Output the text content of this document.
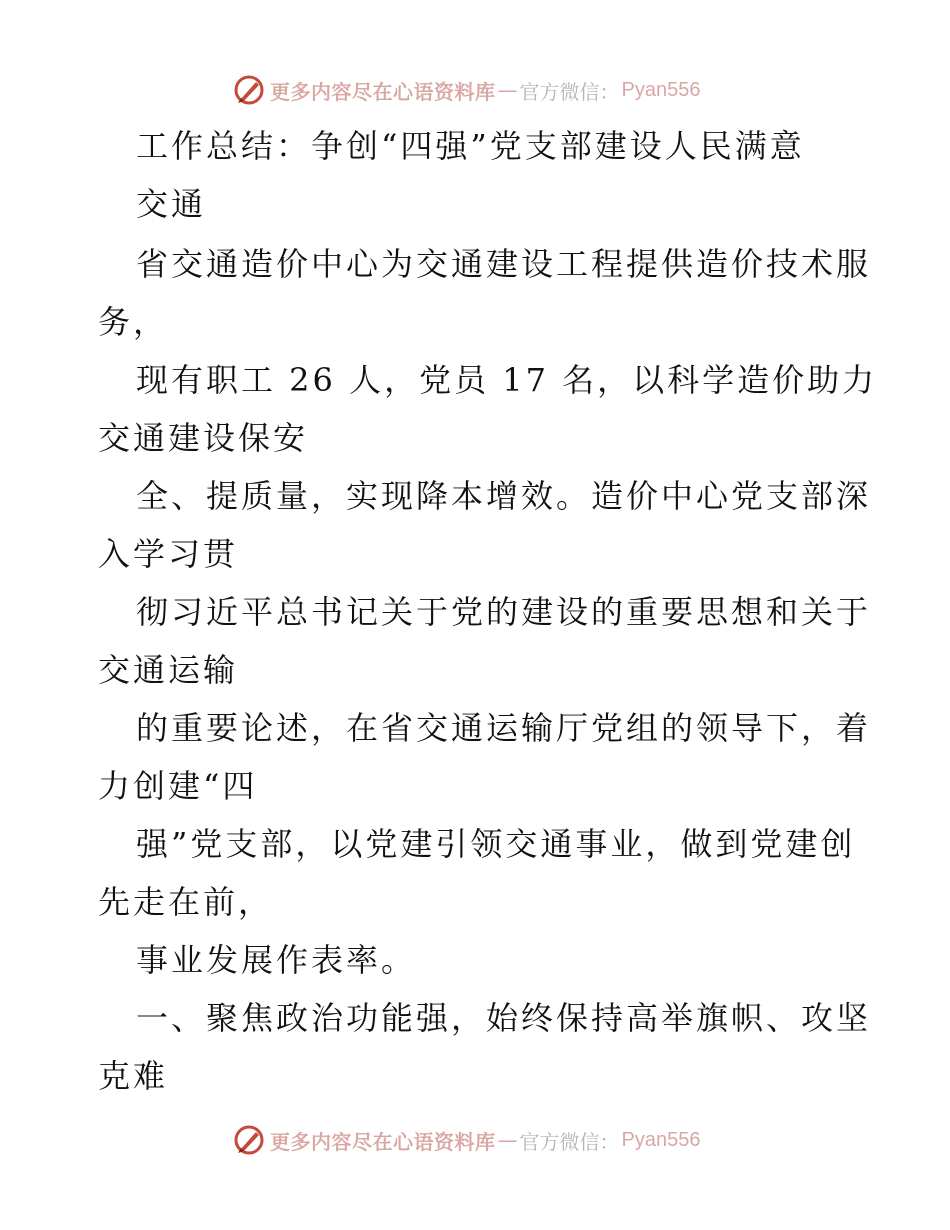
更多内容尽在心语资料库 — 官方微信： Pyan556
工作总结：争创“四强”党支部建设人民满意
交通
省交通造价中心为交通建设工程提供造价技术服
务，
现有职工 26 人，党员 17 名，以科学造价助力
交通建设保安
全、提质量，实现降本增效。造价中心党支部深
入学习贯
彻习近平总书记关于党的建设的重要思想和关于
交通运输
的重要论述，在省交通运输厅党组的领导下，着
力创建“四
强”党支部，以党建引领交通事业，做到党建创
先走在前，
事业发展作表率。
一、聚焦政治功能强，始终保持高举旗帜、攻坚
克难
更多内容尽在心语资料库 — 官方微信： Pyan556
